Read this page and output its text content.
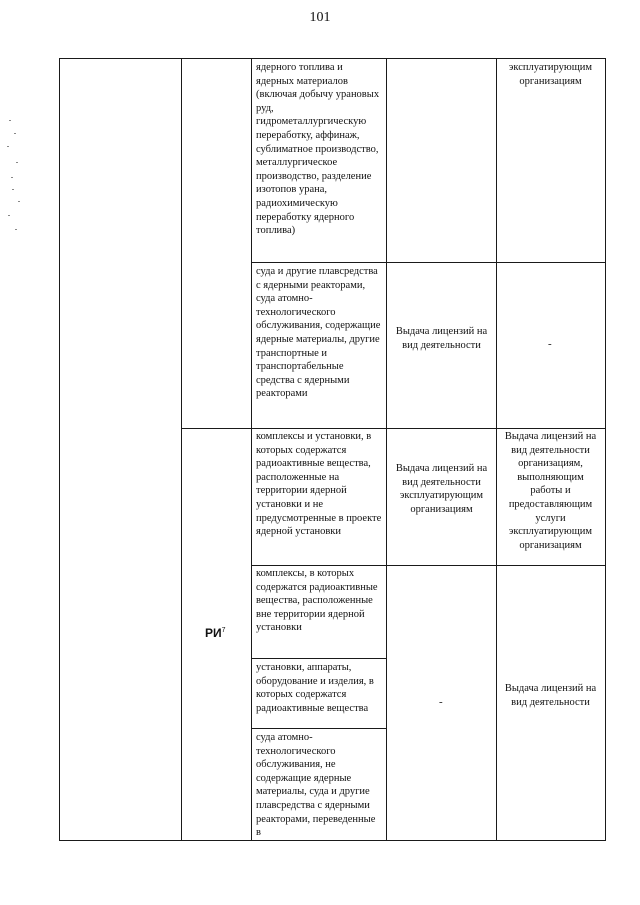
101
ядерного топлива и ядерных материалов (включая добычу урановых руд, гидрометаллургическую переработку, аффинаж, сублиматное производство, металлургическое производство, разделение изотопов урана, радиохимическую переработку ядерного топлива)
эксплуатирующим организациям
суда и другие плавсредства с ядерными реакторами, суда атомно-технологического обслуживания, содержащие ядерные материалы, другие транспортные и транспортабельные средства с ядерными реакторами
Выдача лицензий на вид деятельности	-
$РИ^7$
комплексы и установки, в которых содержатся радиоактивные вещества, расположенные на территории ядерной установки и не предусмотренные в проекте ядерной установки
Выдача лицензий на вид деятельности эксплуатирующим организациям
Выдача лицензий на вид деятельности организациям, выполняющим работы и предоставляющим услуги эксплуатирующим организациям
комплексы, в которых содержатся радиоактивные вещества, расположенные вне территории ядерной установки
установки, аппараты, оборудование и изделия, в которых содержатся радиоактивные вещества
суда атомно-технологического обслуживания, не содержащие ядерные материалы, суда и другие плавсредства с ядерными реакторами, переведенные в
-
Выдача лицензий на вид деятельности
